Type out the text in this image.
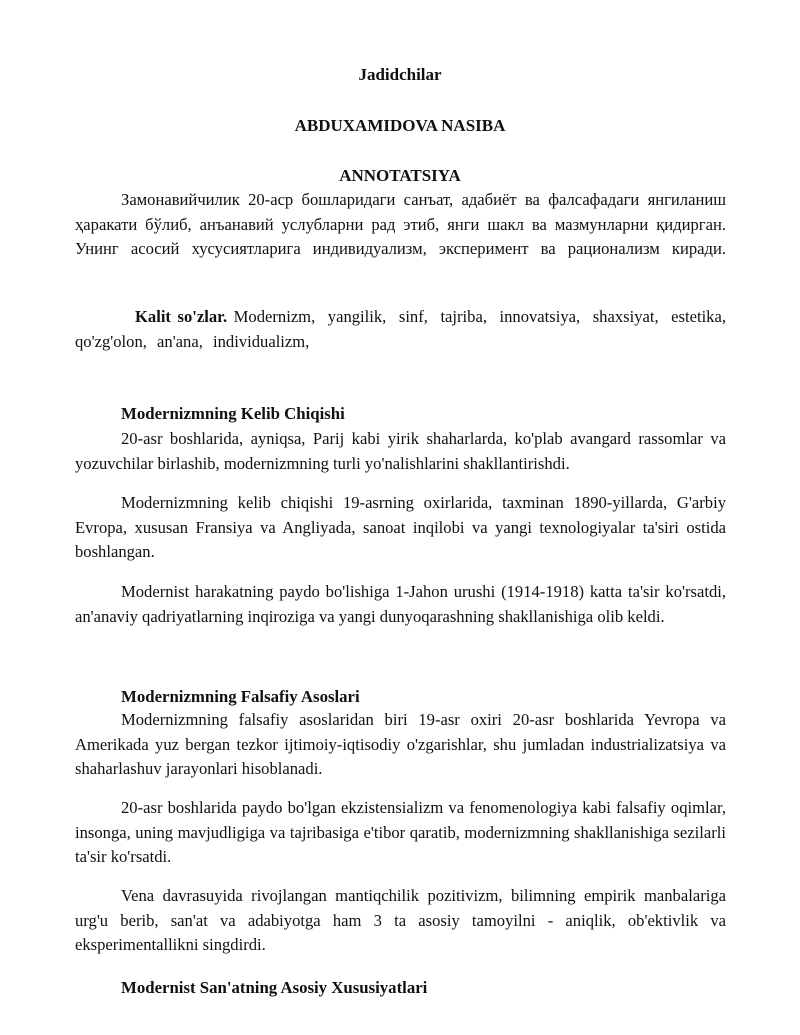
Jadidchilar
ABDUXAMIDOVA NASIBA
ANNOTATSIYA

Замонавийчилик 20-аср бошларидаги санъат, адабиёт ва фалсафадаги янгиланиш ҳаракати бўлиб, анъанавий услубларни рад этиб, янги шакл ва мазмунларни қидирган. Унинг асосий хусусиятларига индивидуализм, эксперимент ва рационализм киради.

Kalit so'zlar. Modernizm, yangilik, sinf, tajriba, innovatsiya, shaxsiyat, estetika, qo'zg'olon, an'ana, individualizm,

Modernizmning Kelib Chiqishi

20-asr boshlarida, ayniqsa, Parij kabi yirik shaharlarda, ko'plab avangard rassomlar va yozuvchilar birlashib, modernizmning turli yo'nalishlarini shakllantirishdi.

Modernizmning kelib chiqishi 19-asrning oxirlarida, taxminan 1890-yillarda, G'arbiy Evropa, xususan Fransiya va Angliyada, sanoat inqilobi va yangi texnologiyalar ta'siri ostida boshlangan.

Modernist harakatning paydo bo'lishiga 1-Jahon urushi (1914-1918) katta ta'sir ko'rsatdi, an'anaviy qadriyatlarning inqiroziga va yangi dunyoqarashning shakllanishiga olib keldi.

Modernizmning Falsafiy Asoslari

Modernizmning falsafiy asoslaridan biri 19-asr oxiri 20-asr boshlarida Yevropa va Amerikada yuz bergan tezkor ijtimoiy-iqtisodiy o'zgarishlar, shu jumladan industrializatsiya va shaharlashuv jarayonlari hisoblanadi.

20-asr boshlarida paydo bo'lgan ekzistensializm va fenomenologiya kabi falsafiy oqimlar, insonga, uning mavjudligiga va tajribasiga e'tibor qaratib, modernizmning shakllanishiga sezilarli ta'sir ko'rsatdi.

Vena davrasuyida rivojlangan mantiqchilik pozitivizm, bilimning empirik manbalariga urg'u berib, san'at va adabiyotga ham 3 ta asosiy tamoyilni - aniqlik, ob'ektivlik va eksperimentallikni singdirdi.

Modernist San'atning Asosiy Xususiyatlari
